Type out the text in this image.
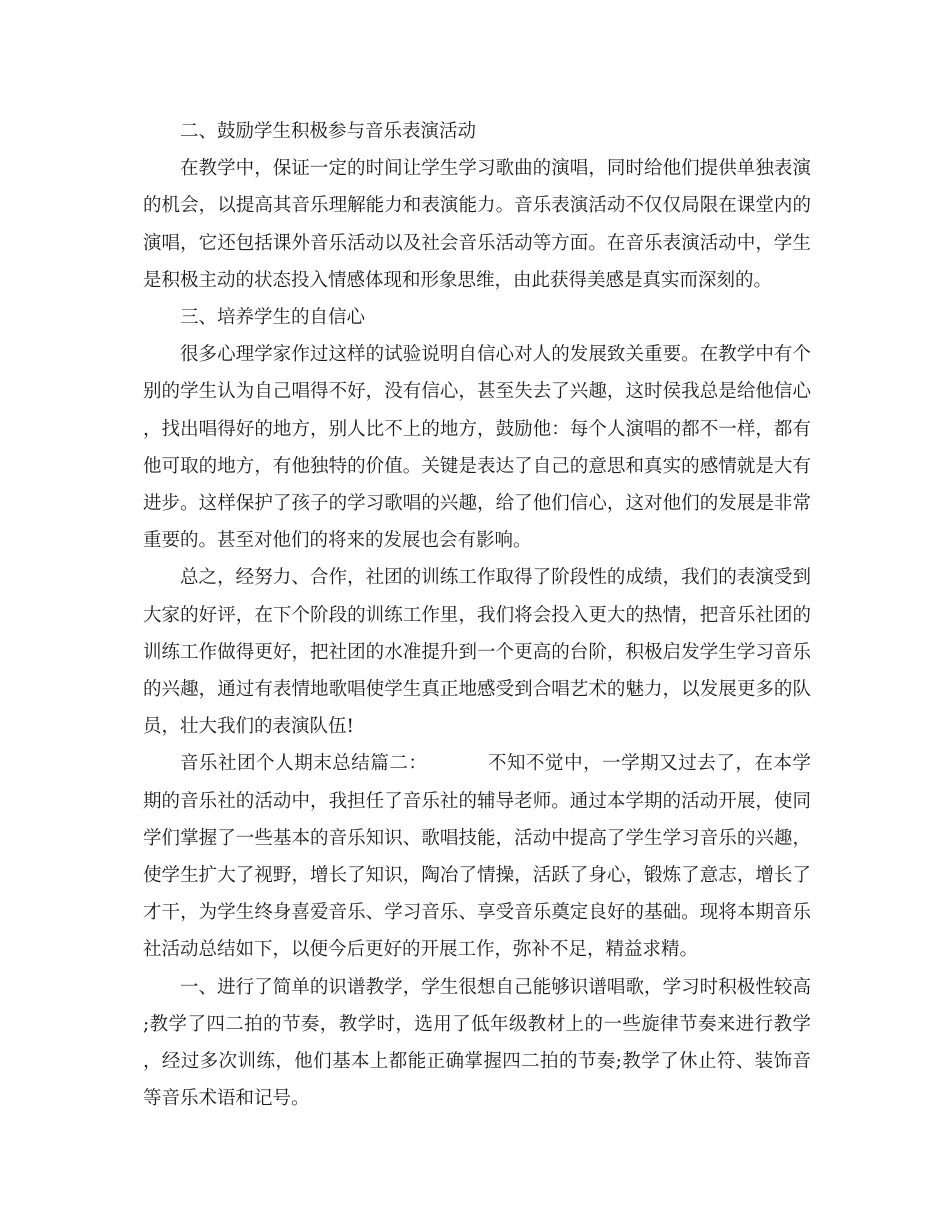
二、鼓励学生积极参与音乐表演活动

在教学中，保证一定的时间让学生学习歌曲的演唱，同时给他们提供单独表演的机会，以提高其音乐理解能力和表演能力。音乐表演活动不仅仅局限在课堂内的演唱，它还包括课外音乐活动以及社会音乐活动等方面。在音乐表演活动中，学生是积极主动的状态投入情感体现和形象思维，由此获得美感是真实而深刻的。

三、培养学生的自信心

很多心理学家作过这样的试验说明自信心对人的发展致关重要。在教学中有个别的学生认为自己唱得不好，没有信心，甚至失去了兴趣，这时侯我总是给他信心，找出唱得好的地方，别人比不上的地方，鼓励他：每个人演唱的都不一样，都有他可取的地方，有他独特的价值。关键是表达了自己的意思和真实的感情就是大有进步。这样保护了孩子的学习歌唱的兴趣，给了他们信心，这对他们的发展是非常重要的。甚至对他们的将来的发展也会有影响。

总之，经努力、合作，社团的训练工作取得了阶段性的成绩，我们的表演受到大家的好评，在下个阶段的训练工作里，我们将会投入更大的热情，把音乐社团的训练工作做得更好，把社团的水准提升到一个更高的台阶，积极启发学生学习音乐的兴趣，通过有表情地歌唱使学生真正地感受到合唱艺术的魅力，以发展更多的队员，壮大我们的表演队伍!

音乐社团个人期末总结篇二：	不知不觉中，一学期又过去了，在本学期的音乐社的活动中，我担任了音乐社的辅导老师。通过本学期的活动开展，使同学们掌握了一些基本的音乐知识、歌唱技能，活动中提高了学生学习音乐的兴趣，使学生扩大了视野，增长了知识，陶冶了情操，活跃了身心，锻炼了意志，增长了才干，为学生终身喜爱音乐、学习音乐、享受音乐奠定良好的基础。现将本期音乐社活动总结如下，以便今后更好的开展工作，弥补不足，精益求精。

一、进行了简单的识谱教学，学生很想自己能够识谱唱歌，学习时积极性较高;教学了四二拍的节奏，教学时，选用了低年级教材上的一些旋律节奏来进行教学，经过多次训练，他们基本上都能正确掌握四二拍的节奏;教学了休止符、装饰音等音乐术语和记号。
